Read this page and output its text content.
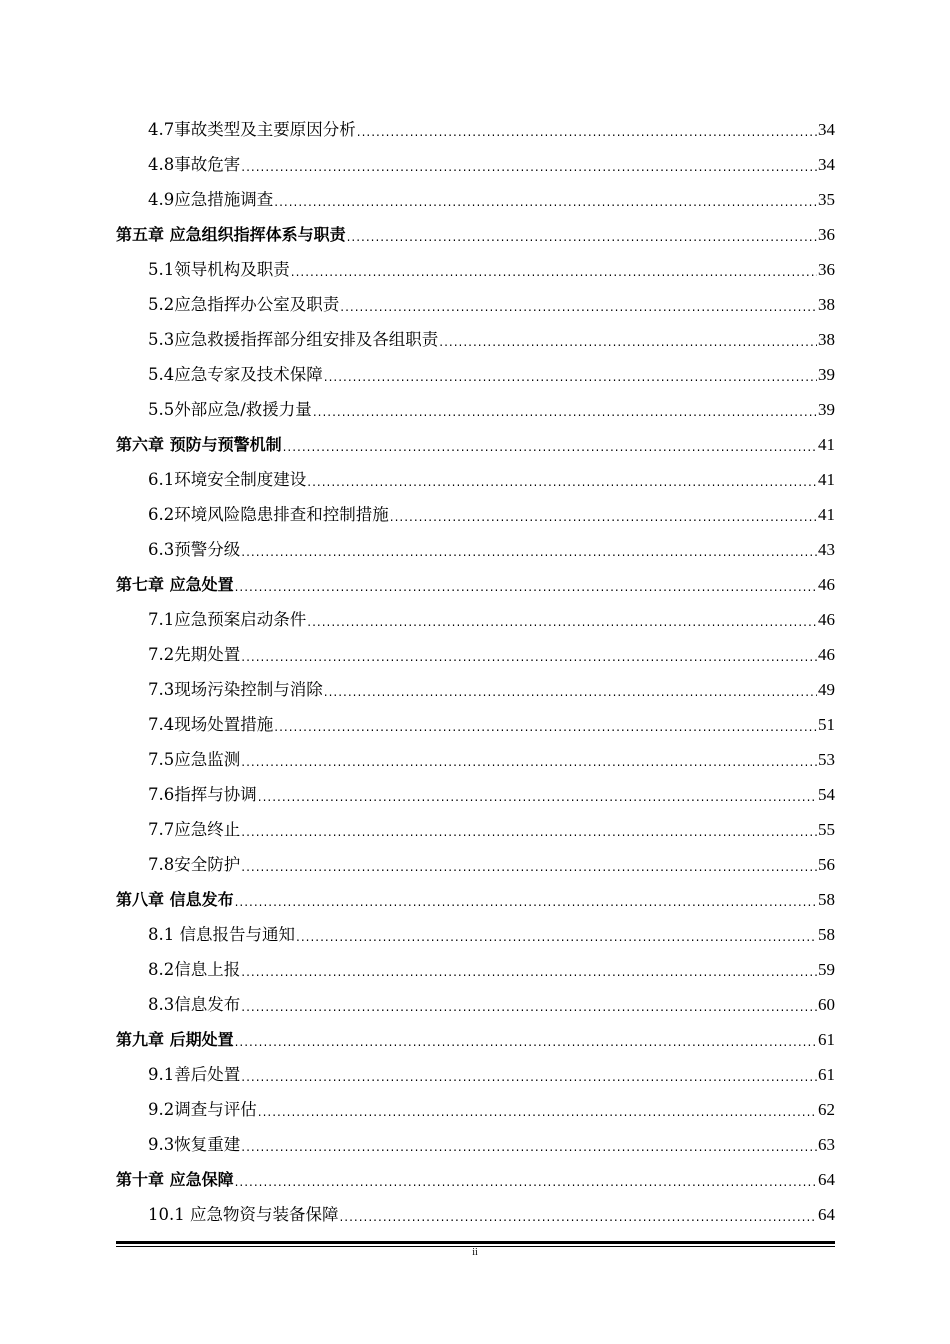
4.7事故类型及主要原因分析 .....	34
4.8事故危害 .....	34
4.9应急措施调查 .....	35
第五章 应急组织指挥体系与职责 .....	36
5.1领导机构及职责 .....	36
5.2应急指挥办公室及职责 .....	38
5.3应急救援指挥部分组安排及各组职责 .....	38
5.4应急专家及技术保障 .....	39
5.5外部应急/救援力量 .....	39
第六章 预防与预警机制 .....	41
6.1环境安全制度建设 .....	41
6.2环境风险隐患排查和控制措施 .....	41
6.3预警分级 .....	43
第七章 应急处置 .....	46
7.1应急预案启动条件 .....	46
7.2先期处置 .....	46
7.3现场污染控制与消除 .....	49
7.4现场处置措施 .....	51
7.5应急监测 .....	53
7.6指挥与协调 .....	54
7.7应急终止 .....	55
7.8安全防护 .....	56
第八章 信息发布 .....	58
8.1 信息报告与通知 .....	58
8.2信息上报 .....	59
8.3信息发布 .....	60
第九章 后期处置 .....	61
9.1善后处置 .....	61
9.2调查与评估 .....	62
9.3恢复重建 .....	63
第十章 应急保障 .....	64
10.1 应急物资与装备保障 .....	64
ii
